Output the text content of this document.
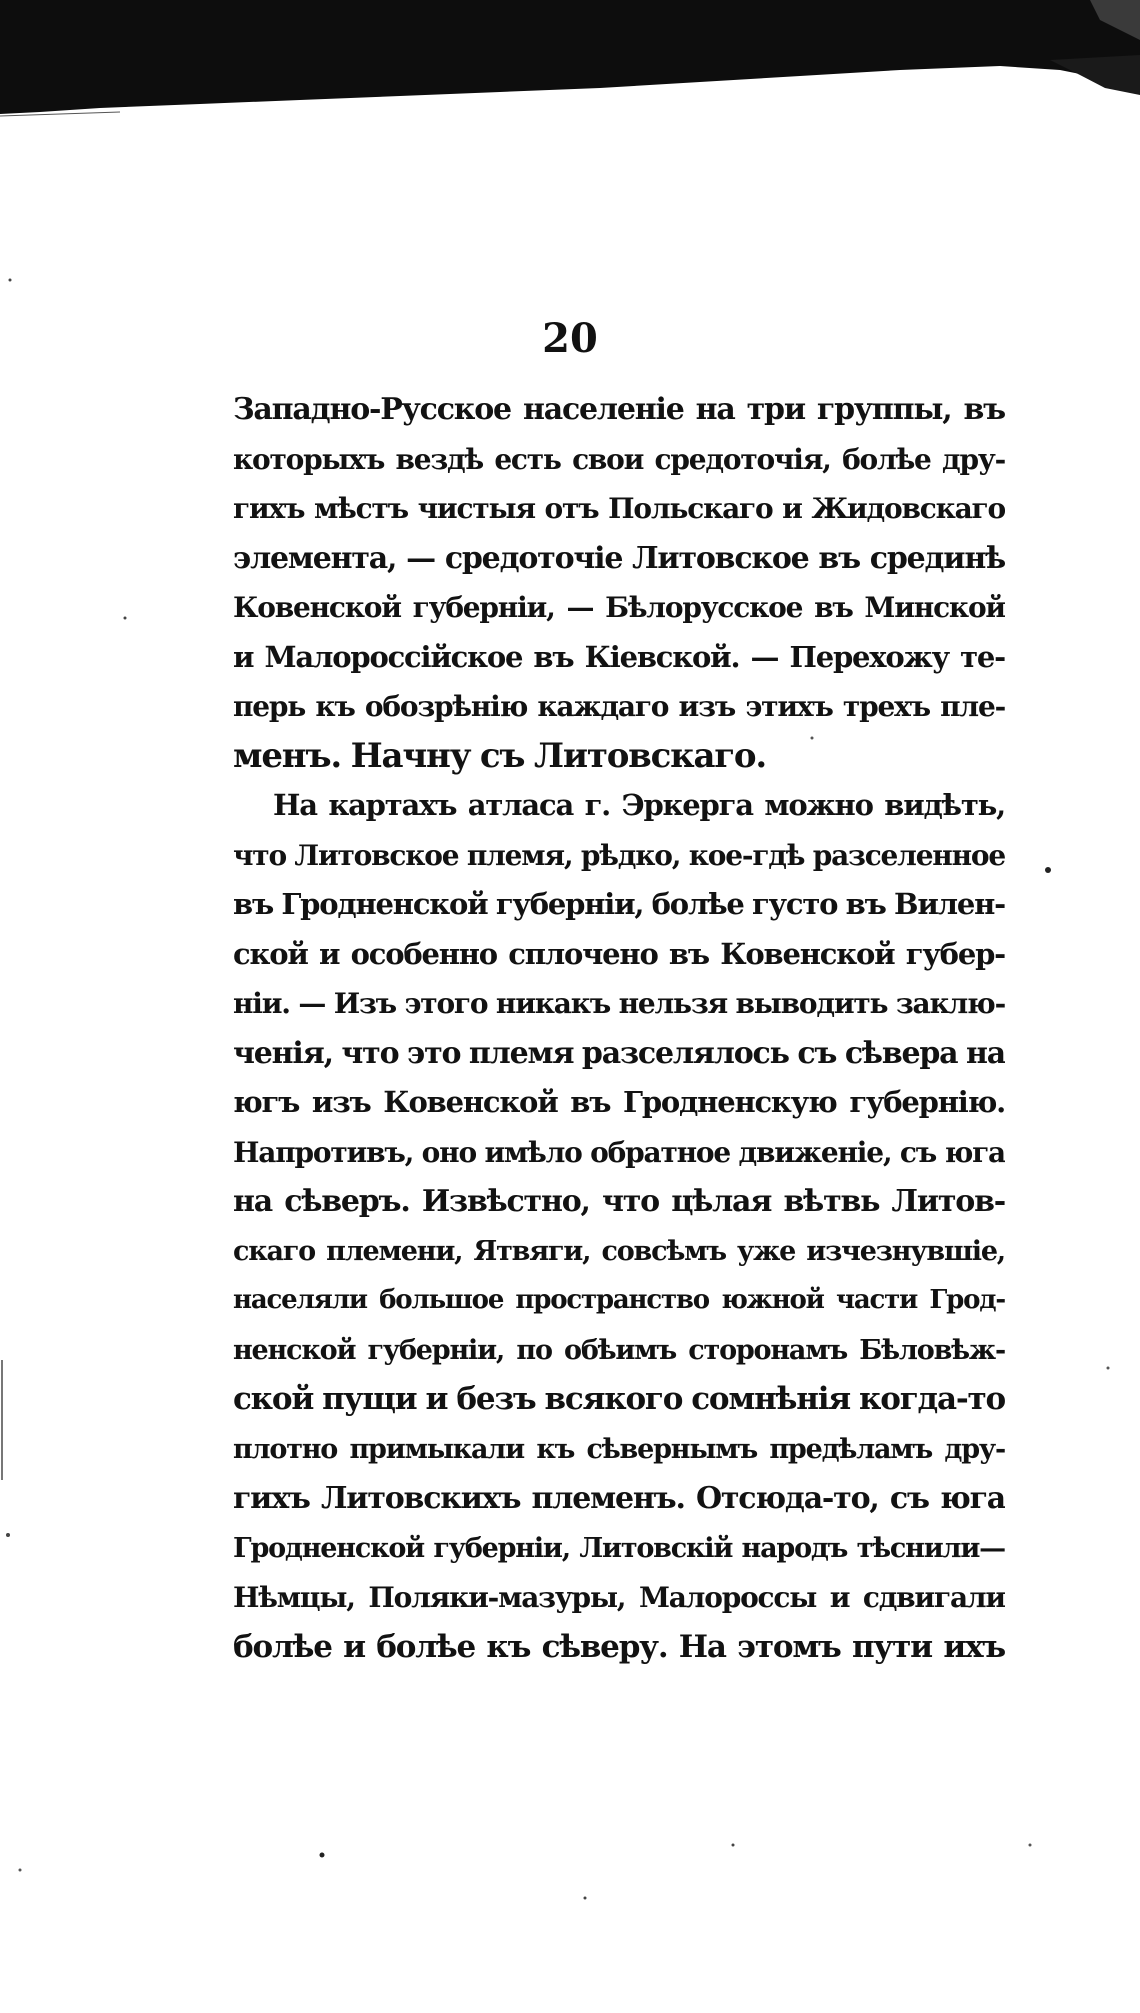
20
Западно-Русское населеніе на три группы, въ
которыхъ вездѣ есть свои средоточія, болѣе дру-
гихъ мѣстъ чистыя отъ Польскаго и Жидовскаго
элемента, — средоточіе Литовское въ срединѣ
Ковенской губерніи, — Бѣлорусское въ Минской
и Малороссійское въ Кіевской. — Перехожу те-
перь къ обозрѣнію каждаго изъ этихъ трехъ пле-
менъ. Начну съ Литовскаго.
На картахъ атласа г. Эркерга можно видѣть,
что Литовское племя, рѣдко, кое-гдѣ разселенное
въ Гродненской губерніи, болѣе густо въ Вилен-
ской и особенно сплочено въ Ковенской губер-
ніи. — Изъ этого никакъ нельзя выводить заклю-
ченія, что это племя разселялось съ сѣвера на
югъ изъ Ковенской въ Гродненскую губернію.
Напротивъ, оно имѣло обратное движеніе, съ юга
на сѣверъ. Извѣстно, что цѣлая вѣтвь Литов-
скаго племени, Ятвяги, совсѣмъ уже изчезнувшіе,
населяли большое пространство южной части Грод-
ненской губерніи, по обѣимъ сторонамъ Бѣловѣж-
ской пущи и безъ всякого сомнѣнія когда-то
плотно примыкали къ сѣвернымъ предѣламъ дру-
гихъ Литовскихъ племенъ. Отсюда-то, съ юга
Гродненской губерніи, Литовскій народъ тѣснили—
Нѣмцы, Поляки-мазуры, Малороссы и сдвигали
болѣе и болѣе къ сѣверу. На этомъ пути ихъ
